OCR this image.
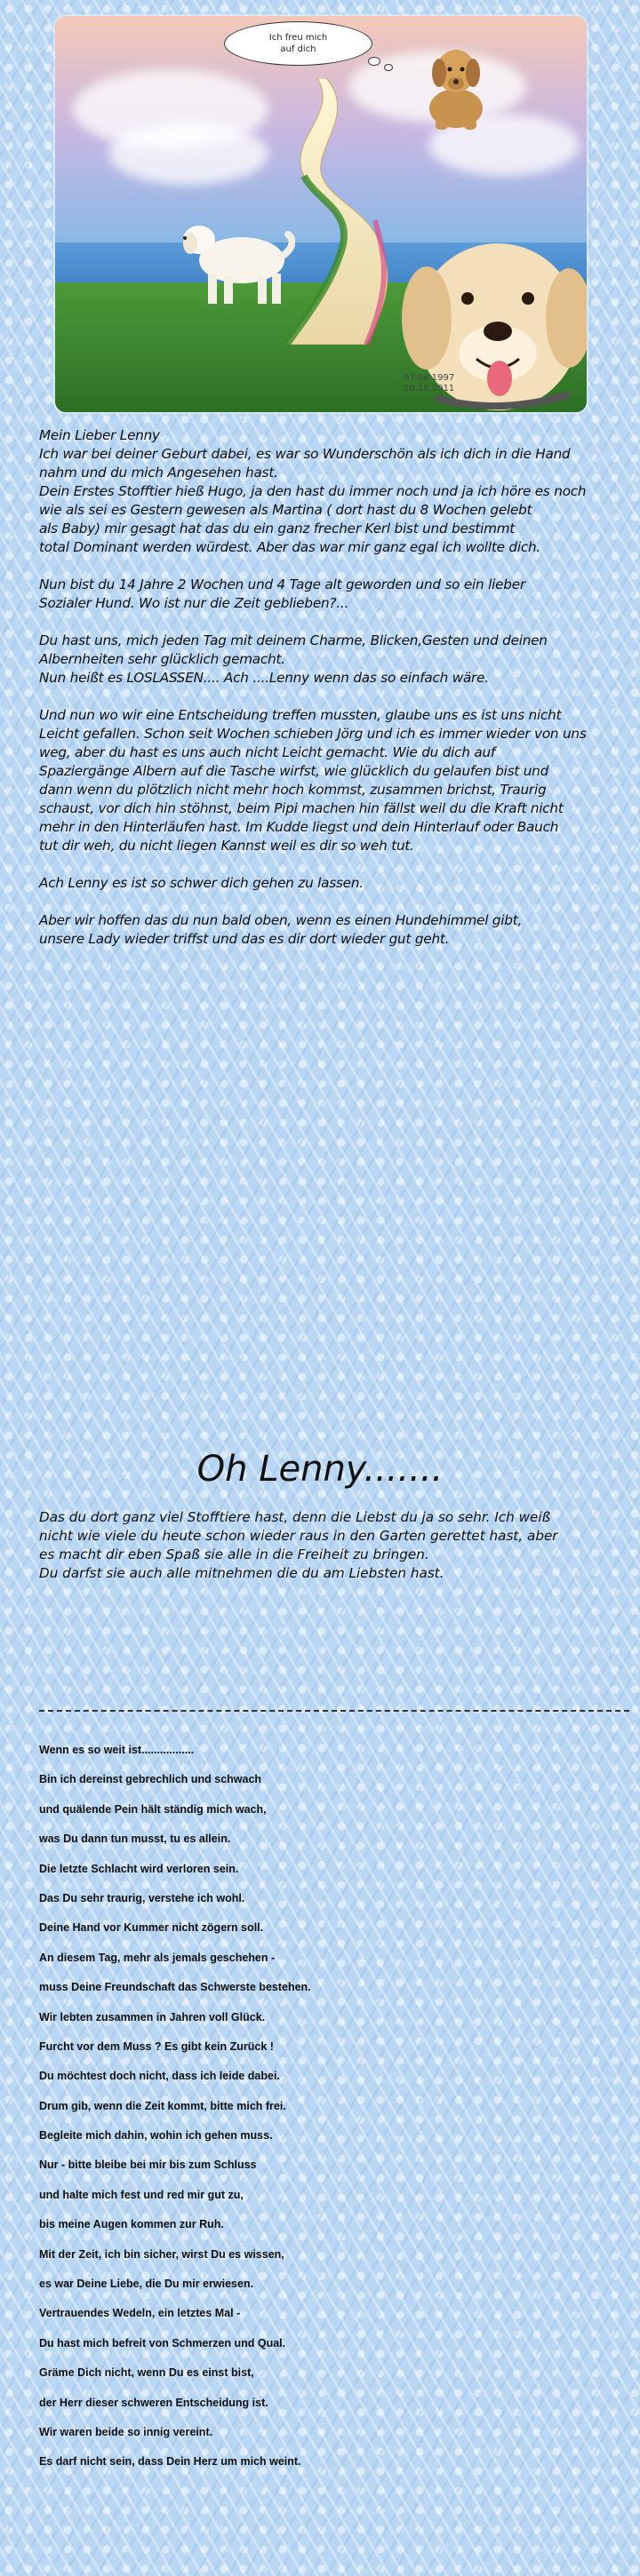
Ich freu mich
auf dich
07.08.1997
20.10.2011

Mein Lieber Lenny
Ich war bei deiner Geburt dabei, es war so Wunderschön als ich dich in die Hand
nahm und du mich Angesehen hast.
Dein Erstes Stofftier hieß Hugo, ja den hast du immer noch und ja ich höre es noch
wie als sei es Gestern gewesen als Martina ( dort hast du 8 Wochen gelebt
als Baby) mir gesagt hat das du ein ganz frecher Kerl bist und bestimmt
total Dominant werden würdest. Aber das war mir ganz egal ich wollte dich.

Nun bist du 14 Jahre 2 Wochen und 4 Tage alt geworden und so ein lieber
Sozialer Hund. Wo ist nur die Zeit geblieben?...

Du hast uns, mich jeden Tag mit deinem Charme, Blicken,Gesten und deinen
Albernheiten sehr glücklich gemacht.
Nun heißt es LOSLASSEN.... Ach ....Lenny wenn das so einfach wäre.

Und nun wo wir eine Entscheidung treffen mussten, glaube uns es ist uns nicht
Leicht gefallen. Schon seit Wochen schieben Jörg und ich es immer wieder von uns
weg, aber du hast es uns auch nicht Leicht gemacht. Wie du dich auf
Spaziergänge Albern auf die Tasche wirfst, wie glücklich du gelaufen bist und
dann wenn du plötzlich nicht mehr hoch kommst, zusammen brichst, Traurig
schaust, vor dich hin stöhnst, beim Pipi machen hin fällst weil du die Kraft nicht
mehr in den Hinterläufen hast. Im Kudde liegst und dein Hinterlauf oder Bauch
tut dir weh, du nicht liegen Kannst weil es dir so weh tut.

Ach Lenny es ist so schwer dich gehen zu lassen.

Aber wir hoffen das du nun bald oben, wenn es einen Hundehimmel gibt,
unsere Lady wieder triffst und das es dir dort wieder gut geht.

Oh Lenny.......

Das du dort ganz viel Stofftiere hast, denn die Liebst du ja so sehr. Ich weiß
nicht wie viele du heute schon wieder raus in den Garten gerettet hast, aber
es macht dir eben Spaß sie alle in die Freiheit zu bringen.
Du darfst sie auch alle mitnehmen die du am Liebsten hast.

Wenn es so weit ist.................
Bin ich dereinst gebrechlich und schwach
und quälende Pein hält ständig mich wach,
was Du dann tun musst, tu es allein.
Die letzte Schlacht wird verloren sein.
Das Du sehr traurig, verstehe ich wohl.
Deine Hand vor Kummer nicht zögern soll.
An diesem Tag, mehr als jemals geschehen -
muss Deine Freundschaft das Schwerste bestehen.
Wir lebten zusammen in Jahren voll Glück.
Furcht vor dem Muss ? Es gibt kein Zurück !
Du möchtest doch nicht, dass ich leide dabei.
Drum gib, wenn die Zeit kommt, bitte mich frei.
Begleite mich dahin, wohin ich gehen muss.
Nur - bitte bleibe bei mir bis zum Schluss
und halte mich fest und red mir gut zu,
bis meine Augen kommen zur Ruh.
Mit der Zeit, ich bin sicher, wirst Du es wissen,
es war Deine Liebe, die Du mir erwiesen.
Vertrauendes Wedeln, ein letztes Mal -
Du hast mich befreit von Schmerzen und Qual.
Gräme Dich nicht, wenn Du es einst bist,
der Herr dieser schweren Entscheidung ist.
Wir waren beide so innig vereint.
Es darf nicht sein, dass Dein Herz um mich weint.
